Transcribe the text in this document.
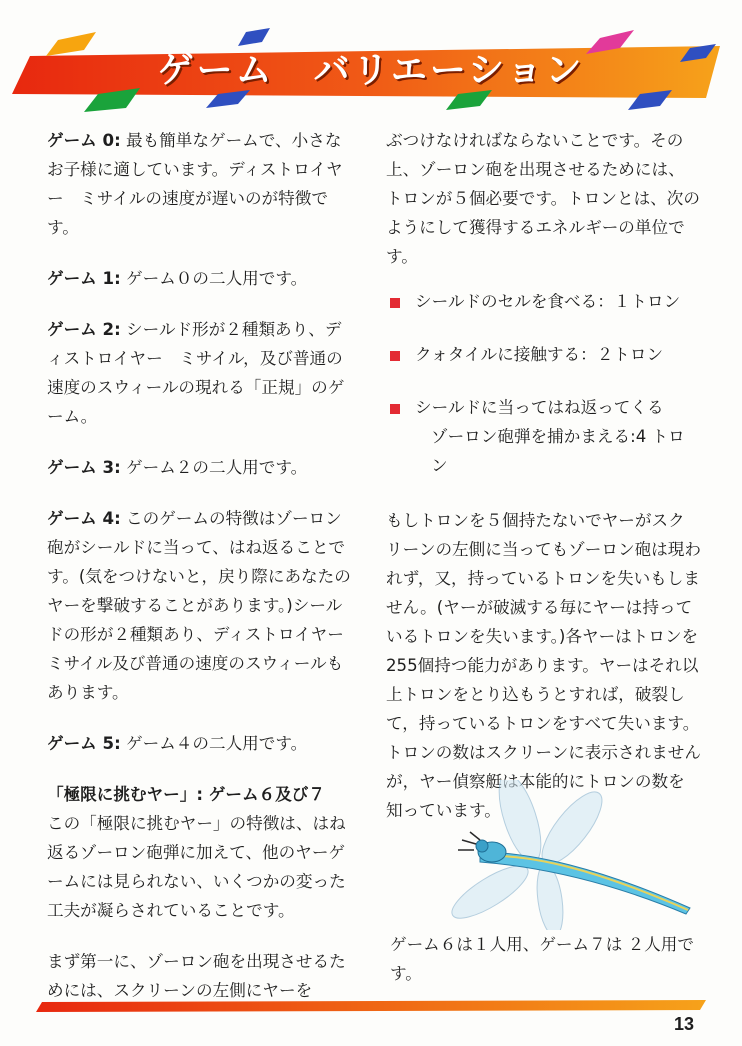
ゲーム　バリエーション

ゲーム 0: 最も簡単なゲームで、小さなお子様に適しています。ディストロイヤー　ミサイルの速度が遅いのが特徴です。

ゲーム 1: ゲーム０の二人用です。

ゲーム 2: シールド形が２種類あり、ディストロイヤー　ミサイル，及び普通の速度のスウィールの現れる「正規」のゲーム。

ゲーム 3: ゲーム２の二人用です。

ゲーム 4: このゲームの特徴はゾーロン砲がシールドに当って、はね返ることです。(気をつけないと，戻り際にあなたのヤーを撃破することがあります。)シールドの形が２種類あり、ディストロイヤー　ミサイル及び普通の速度のスウィールもあります。

ゲーム 5: ゲーム４の二人用です。

「極限に挑むヤー」: ゲーム６及び７
この「極限に挑むヤー」の特徴は、はね返るゾーロン砲弾に加えて、他のヤーゲームには見られない、いくつかの変った工夫が凝らされていることです。

まず第一に、ゾーロン砲を出現させるためには、スクリーンの左側にヤーを

ぶつけなければならないことです。その上、ゾーロン砲を出現させるためには、トロンが５個必要です。トロンとは、次のようにして獲得するエネルギーの単位です。

シールドのセルを食べる：１トロン
クォタイルに接触する：２トロン
シールドに当ってはね返ってくる
ゾーロン砲弾を捕かまえる:4 トロン

もしトロンを５個持たないでヤーがスクリーンの左側に当ってもゾーロン砲は現われず，又，持っているトロンを失いもしません。(ヤーが破滅する毎にヤーは持っているトロンを失います。)各ヤーはトロンを255個持つ能力があります。ヤーはそれ以上トロンをとり込もうとすれば，破裂して，持っているトロンをすべて失います。トロンの数はスクリーンに表示されませんが，ヤー偵察艇は本能的にトロンの数を知っています。

ゲーム６は１人用、ゲーム７は ２人用です。
13
